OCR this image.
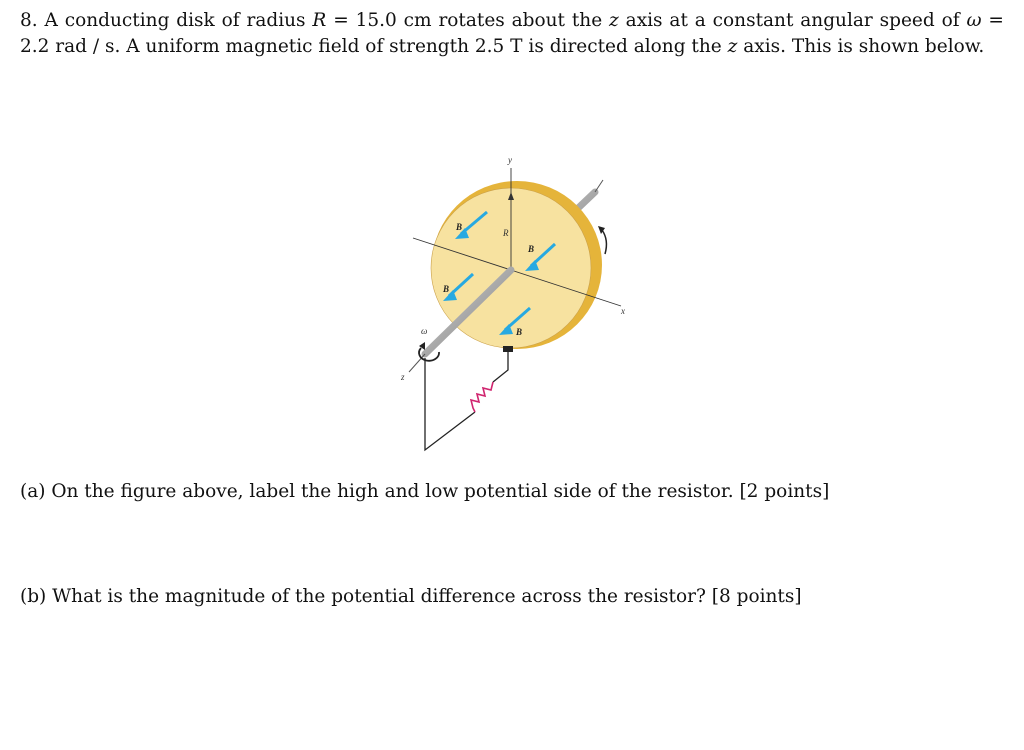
8. A conducting disk of radius R = 15.0 cm rotates about the z axis at a constant angular speed of ω = 2.2 rad / s. A uniform magnetic field of strength 2.5 T is directed along the z axis. This is shown below.
y
x
z
R
ω
B
B
B
B
(a) On the figure above, label the high and low potential side of the resistor. [2 points]
(b) What is the magnitude of the potential difference across the resistor? [8 points]
